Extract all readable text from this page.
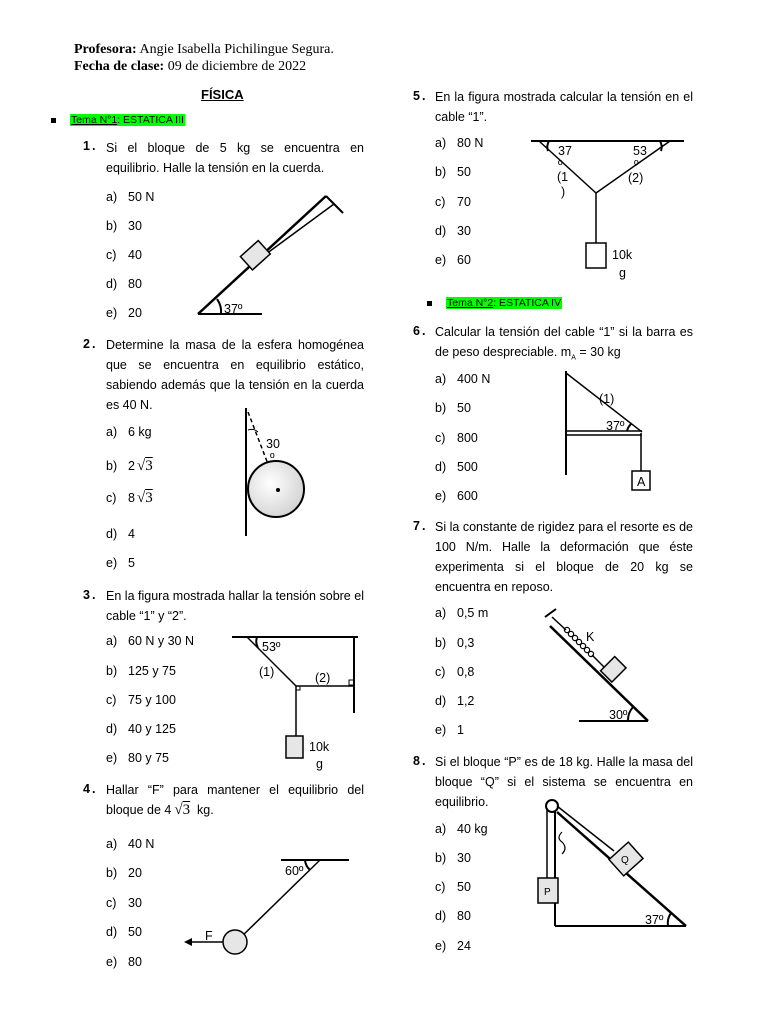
Profesora: Angie Isabella Pichilingue Segura.
Fecha de clase: 09 de diciembre de 2022
FÍSICA
Tema N°1: ESTATICA III
1. Si el bloque de 5 kg se encuentra en equilibrio. Halle la tensión en la cuerda.
a) 50 N
b) 30
c) 40
d) 80
e) 20	37º
2. Determine la masa de la esfera homogénea que se encuentra en equilibrio estático, sabiendo además que la tensión en la cuerda es 40 N.
a) 6 kg
b) 2 √3
c) 8 √3
d) 4
e) 5
30
º
3. En la figura mostrada hallar la tensión sobre el cable “1” y “2”.
a) 60 N y 30 N
b) 125 y 75
c) 75 y 100
d) 40 y 125
e) 80 y 75
53º
(1)	(2)
10k
g
4. Hallar “F” para mantener el equilibrio del bloque de 4 √3 kg.
a) 40 N
b) 20
c) 30
d) 50
e) 80
60º
F
5. En la figura mostrada calcular la tensión en el cable “1”.
a) 80 N
b) 50
c) 70
d) 30
e) 60
37
º
53
º
(1
)
(2)
10k
g
Tema N°2: ESTATICA IV
6. Calcular la tensión del cable “1” si la barra es de peso despreciable. $m_A = 30$ kg
a) 400 N
b) 50
c) 800
d) 500
e) 600
(1)
37º
A
7. Si la constante de rigidez para el resorte es de 100 N/m. Halle la deformación que éste experimenta si el bloque de 20 kg se encuentra en reposo.
a) 0,5 m
b) 0,3
c) 0,8
d) 1,2
e) 1
K
30º
8. Si el bloque “P” es de 18 kg. Halle la masa del bloque “Q” si el sistema se encuentra en equilibrio.
a) 40 kg
b) 30
c) 50
d) 80
e) 24
P
Q
37º
